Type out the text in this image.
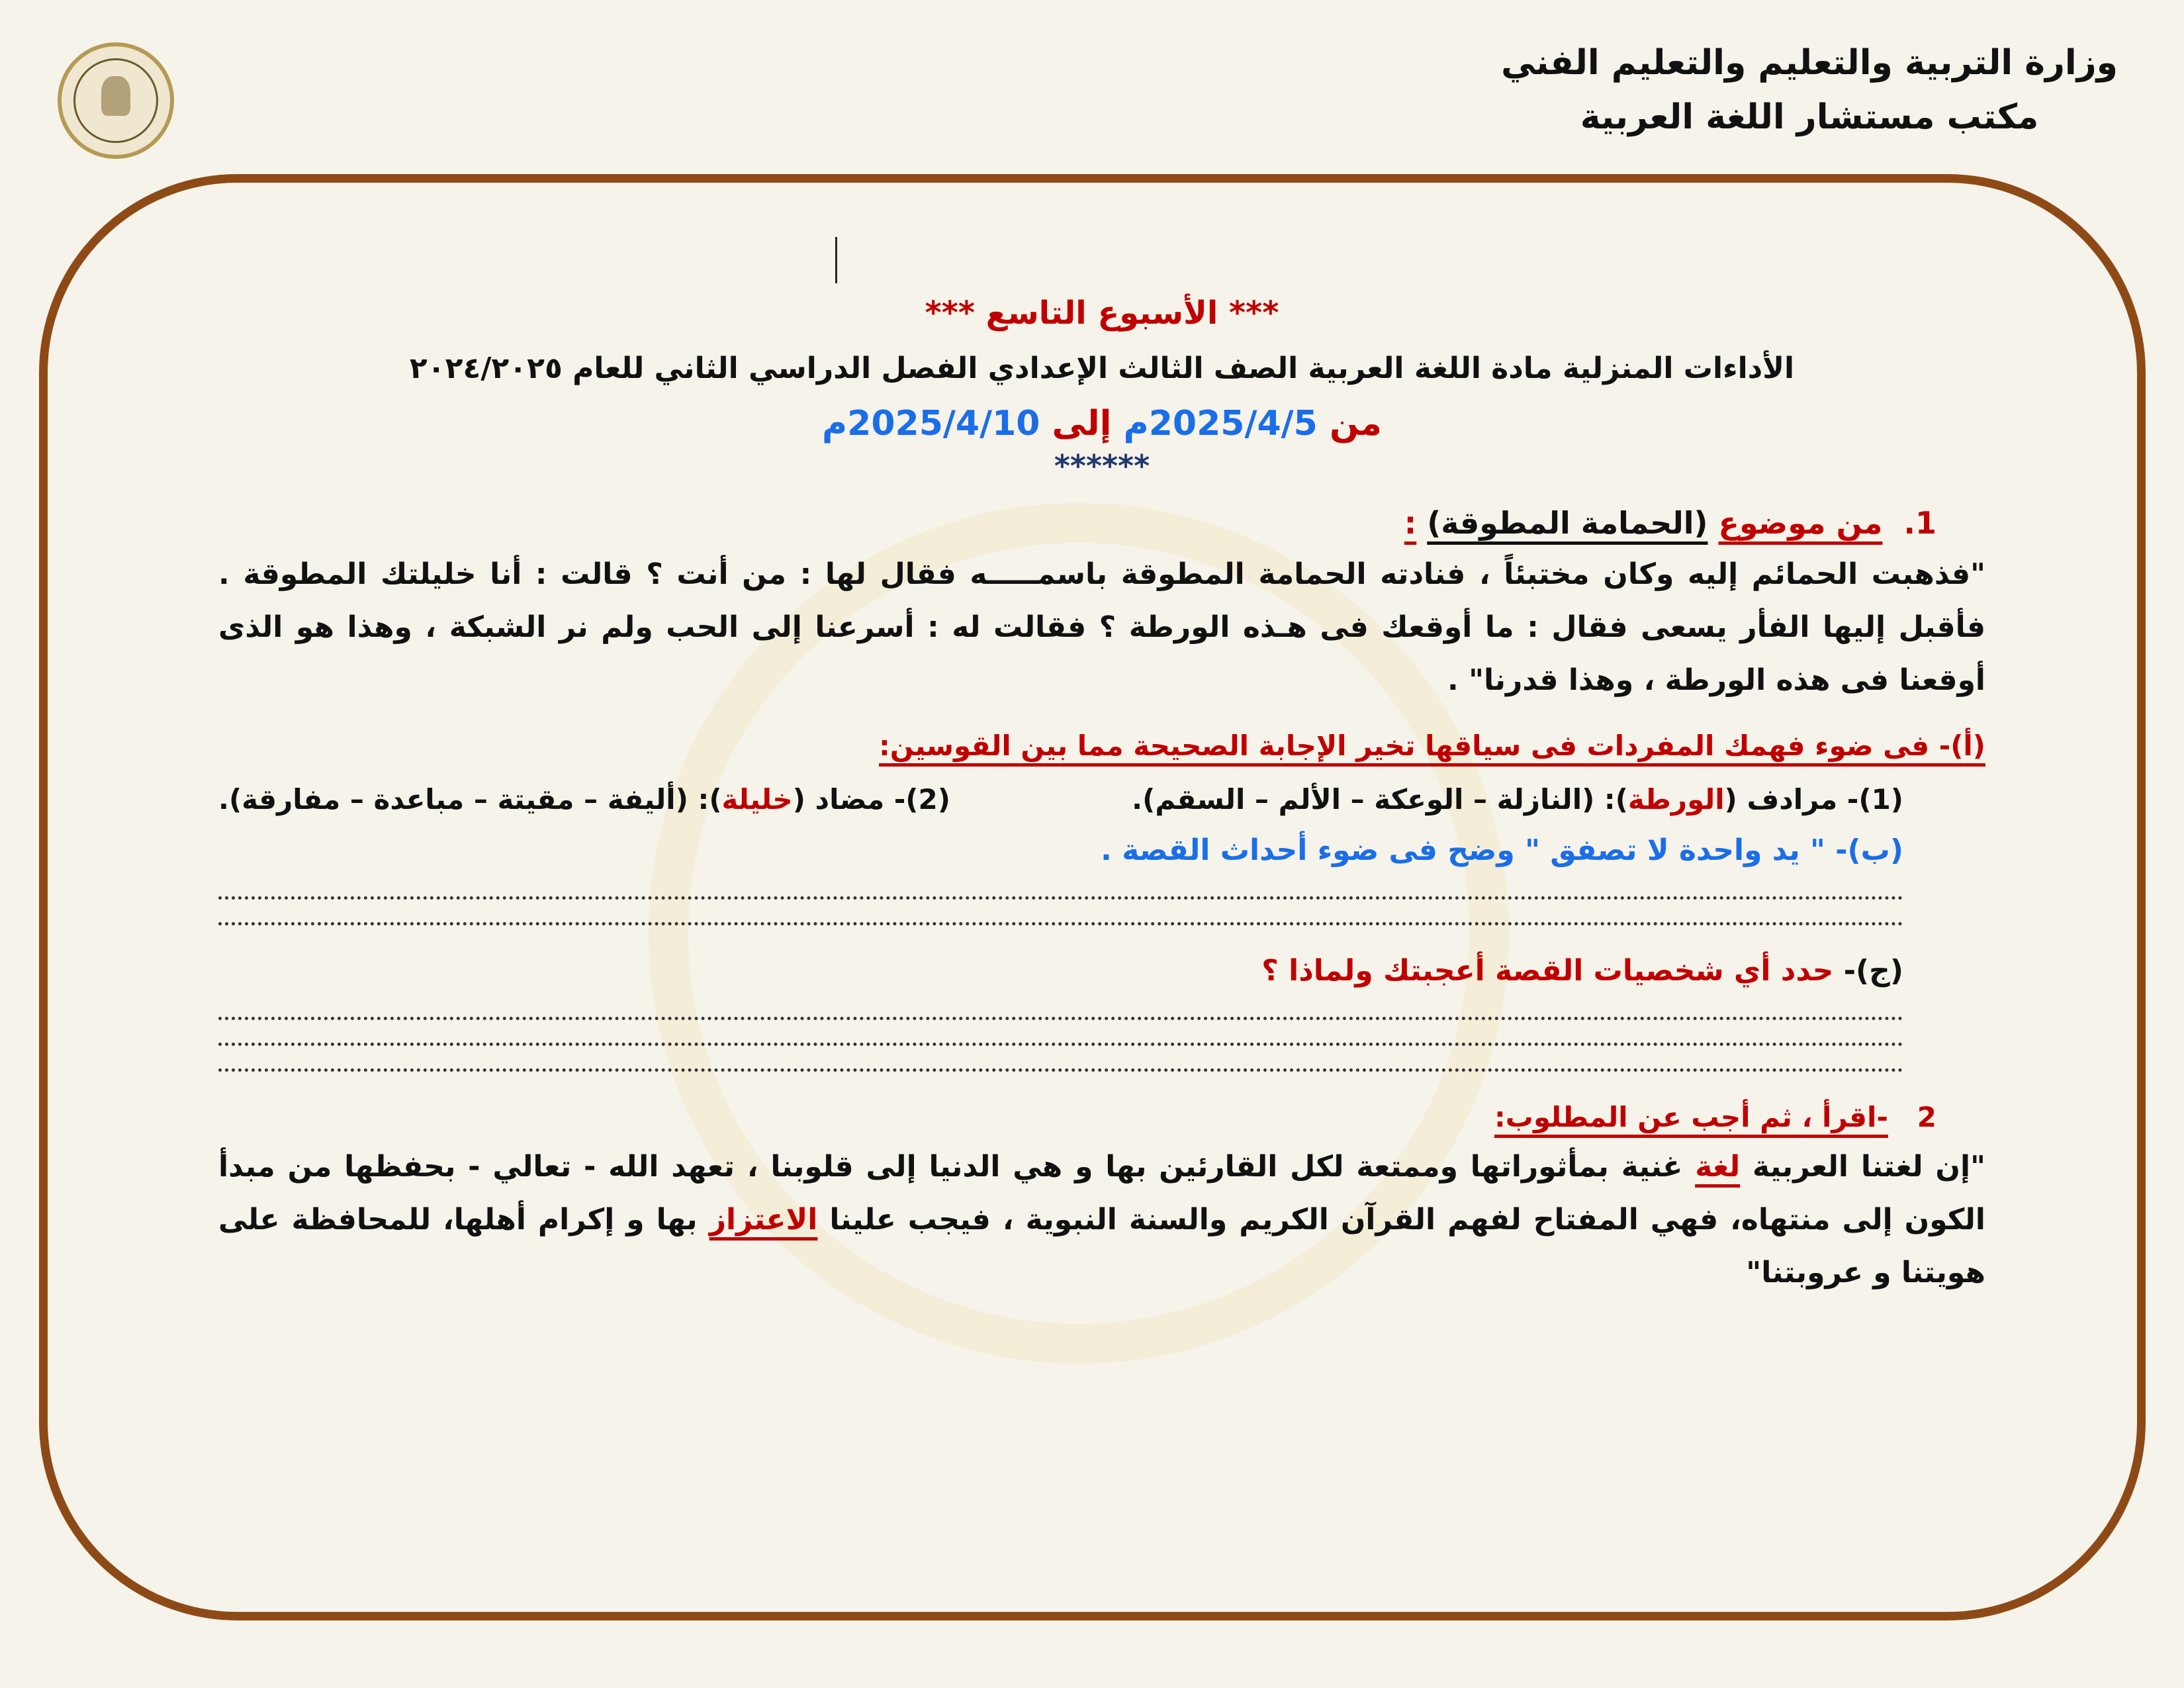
وزارة التربية والتعليم والتعليم الفني
مكتب مستشار اللغة العربية
*** الأسبوع التاسع ***
الأداءات المنزلية مادة اللغة العربية الصف الثالث الإعدادي الفصل الدراسي الثاني للعام ٢٠٢٤/٢٠٢٥
من 2025/4/5م إلى 2025/4/10م
******
1.  من موضوع (الحمامة المطوقة) :
"فذهبت الحمائم إليه وكان مختبئاً ، فنادته الحمامة المطوقة باسمـــــه فقال لها : من أنت ؟ قالت : أنا خليلتك المطوقة . فأقبل إليها الفأر يسعى فقال : ما أوقعك فى هـذه الورطة ؟ فقالت له : أسرعنا إلى الحب ولم نر الشبكة ، وهذا هو الذى أوقعنا فى هذه الورطة ، وهذا قدرنا" .
(أ)- فى ضوء فهمك المفردات فى سياقها تخير الإجابة الصحيحة مما بين القوسين:
(1)- مرادف (الورطة): (النازلة – الوعكة – الألم – السقم).
(2)- مضاد (خليلة): (أليفة – مقيتة – مباعدة – مفارقة).
(ب)- " يد واحدة لا تصفق " وضح فى ضوء أحداث القصة .
(ج)- حدد أي شخصيات القصة أعجبتك ولماذا ؟
2   -اقرأ ، ثم أجب عن المطلوب:
"إن لغتنا العربية لغة غنية بمأثوراتها وممتعة لكل القارئين بها و هي الدنيا إلى قلوبنا ، تعهد الله - تعالي - بحفظها من مبدأ الكون إلى منتهاه، فهي المفتاح لفهم القرآن الكريم والسنة النبوية ، فيجب علينا الاعتزاز بها و إكرام أهلها، للمحافظة على هويتنا و عروبتنا"
